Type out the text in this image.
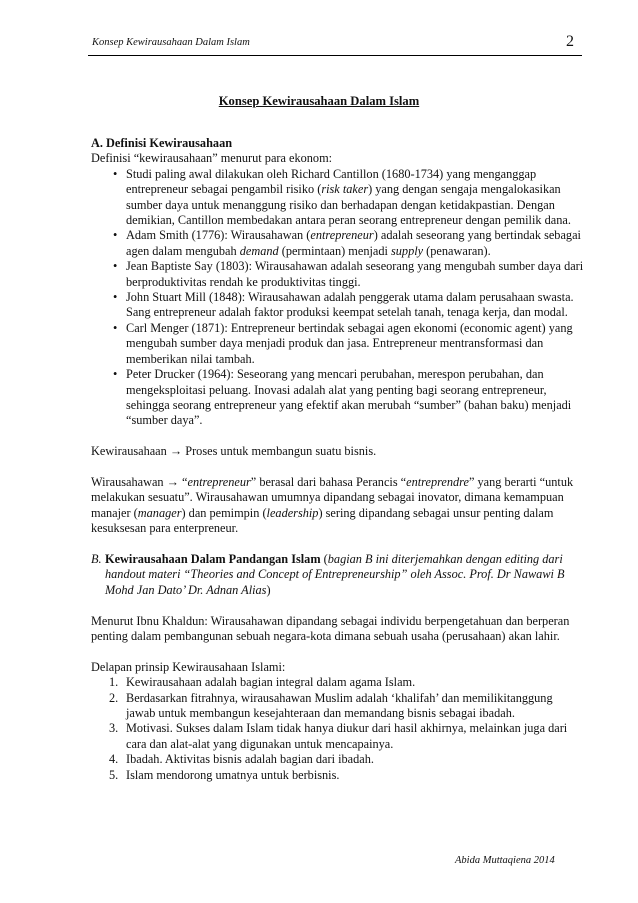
Konsep Kewirausahaan Dalam Islam	2
Konsep Kewirausahaan Dalam Islam

A. Definisi Kewirausahaan

Definisi “kewirausahaan” menurut para ekonom:

• Studi paling awal dilakukan oleh Richard Cantillon (1680-1734) yang menganggap entrepreneur sebagai pengambil risiko (risk taker) yang dengan sengaja mengalokasikan sumber daya untuk menanggung risiko dan berhadapan dengan ketidakpastian. Dengan demikian, Cantillon membedakan antara peran seorang entrepreneur dengan pemilik dana.
• Adam Smith (1776): Wirausahawan (entrepreneur) adalah seseorang yang bertindak sebagai agen dalam mengubah demand (permintaan) menjadi supply (penawaran).
• Jean Baptiste Say (1803): Wirausahawan adalah seseorang yang mengubah sumber daya dari berproduktivitas rendah ke produktivitas tinggi.
• John Stuart Mill (1848): Wirausahawan adalah penggerak utama dalam perusahaan swasta. Sang entrepreneur adalah faktor produksi keempat setelah tanah, tenaga kerja, dan modal.
• Carl Menger (1871): Entrepreneur bertindak sebagai agen ekonomi (economic agent) yang mengubah sumber daya menjadi produk dan jasa. Entrepreneur mentransformasi dan memberikan nilai tambah.
• Peter Drucker (1964): Seseorang yang mencari perubahan, merespon perubahan, dan mengeksploitasi peluang. Inovasi adalah alat yang penting bagi seorang entrepreneur, sehingga seorang entrepreneur yang efektif akan merubah “sumber” (bahan baku) menjadi “sumber daya”.

Kewirausahaan → Proses untuk membangun suatu bisnis.

Wirausahawan → “entrepreneur” berasal dari bahasa Perancis “entreprendre” yang berarti “untuk melakukan sesuatu”. Wirausahawan umumnya dipandang sebagai inovator, dimana kemampuan manajer (manager) dan pemimpin (leadership) sering dipandang sebagai unsur penting dalam kesuksesan para enterpreneur.

B. Kewirausahaan Dalam Pandangan Islam (bagian B ini diterjemahkan dengan editing dari handout materi “Theories and Concept of Entrepreneurship” oleh Assoc. Prof. Dr Nawawi B Mohd Jan Dato’ Dr. Adnan Alias)

Menurut Ibnu Khaldun: Wirausahawan dipandang sebagai individu berpengetahuan dan berperan penting dalam pembangunan sebuah negara-kota dimana sebuah usaha (perusahaan) akan lahir.

Delapan prinsip Kewirausahaan Islami:

1. Kewirausahaan adalah bagian integral dalam agama Islam.
2. Berdasarkan fitrahnya, wirausahawan Muslim adalah ‘khalifah’ dan memilikitanggung jawab untuk membangun kesejahteraan dan memandang bisnis sebagai ibadah.
3. Motivasi. Sukses dalam Islam tidak hanya diukur dari hasil akhirnya, melainkan juga dari cara dan alat-alat yang digunakan untuk mencapainya.
4. Ibadah. Aktivitas bisnis adalah bagian dari ibadah.
5. Islam mendorong umatnya untuk berbisnis.
Abida Muttaqiena 2014
